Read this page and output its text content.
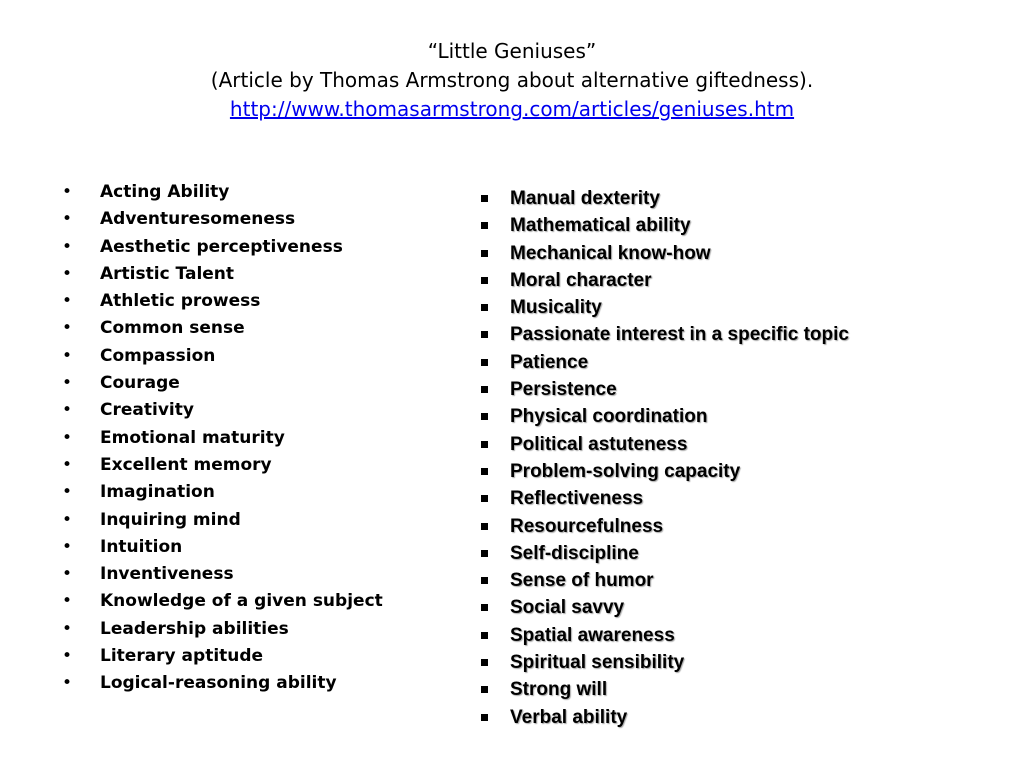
“Little Geniuses”
(Article by Thomas Armstrong about alternative giftedness).
http://www.thomasarmstrong.com/articles/geniuses.htm
• Acting Ability
• Adventuresomeness
• Aesthetic perceptiveness
• Artistic Talent
• Athletic prowess
• Common sense
• Compassion
• Courage
• Creativity
• Emotional maturity
• Excellent memory
• Imagination
• Inquiring mind
• Intuition
• Inventiveness
• Knowledge of a given subject
• Leadership abilities
• Literary aptitude
• Logical-reasoning ability
Manual dexterity
Mathematical ability
Mechanical know-how
Moral character
Musicality
Passionate interest in a specific topic
Patience
Persistence
Physical coordination
Political astuteness
Problem-solving capacity
Reflectiveness
Resourcefulness
Self-discipline
Sense of humor
Social savvy
Spatial awareness
Spiritual sensibility
Strong will
Verbal ability
